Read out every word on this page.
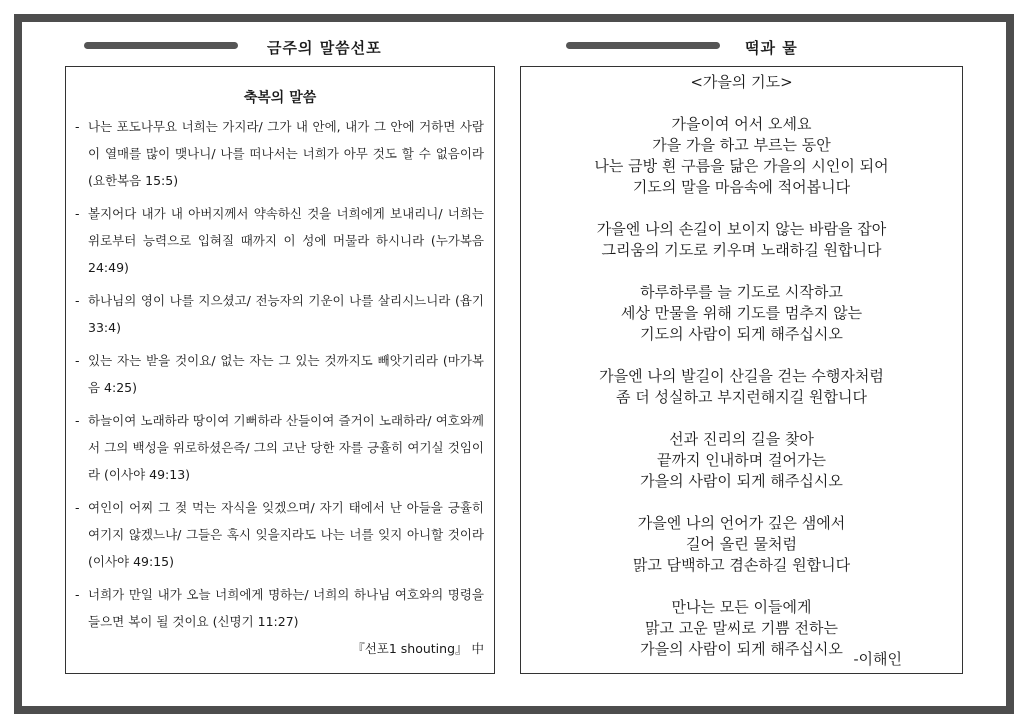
금주의 말씀선포	떡과 물
축복의 말씀
- 나는 포도나무요 너희는 가지라/ 그가 내 안에, 내가 그 안에 거하면 사람이 열매를 많이 맺나니/ 나를 떠나서는 너희가 아무 것도 할 수 없음이라 (요한복음 15:5)
- 볼지어다 내가 내 아버지께서 약속하신 것을 너희에게 보내리니/ 너희는 위로부터 능력으로 입혀질 때까지 이 성에 머물라 하시니라 (누가복음 24:49)
- 하나님의 영이 나를 지으셨고/ 전능자의 기운이 나를 살리시느니라 (욥기 33:4)
- 있는 자는 받을 것이요/ 없는 자는 그 있는 것까지도 빼앗기리라 (마가복음 4:25)
- 하늘이여 노래하라 땅이여 기뻐하라 산들이여 즐거이 노래하라/ 여호와께서 그의 백성을 위로하셨은즉/ 그의 고난 당한 자를 긍휼히 여기실 것임이라 (이사야 49:13)
- 여인이 어찌 그 젖 먹는 자식을 잊겠으며/ 자기 태에서 난 아들을 긍휼히 여기지 않겠느냐/ 그들은 혹시 잊을지라도 나는 너를 잊지 아니할 것이라 (이사야 49:15)
- 너희가 만일 내가 오늘 너희에게 명하는/ 너희의 하나님 여호와의 명령을 들으면 복이 될 것이요 (신명기 11:27)
『선포1 shouting』 中
<가을의 기도>
가을이여 어서 오세요
가을 가을 하고 부르는 동안
나는 금방 흰 구름을 닮은 가을의 시인이 되어
기도의 말을 마음속에 적어봅니다
가을엔 나의 손길이 보이지 않는 바람을 잡아
그리움의 기도로 키우며 노래하길 원합니다
하루하루를 늘 기도로 시작하고
세상 만물을 위해 기도를 멈추지 않는
기도의 사람이 되게 해주십시오
가을엔 나의 발길이 산길을 걷는 수행자처럼
좀 더 성실하고 부지런해지길 원합니다
선과 진리의 길을 찾아
끝까지 인내하며 걸어가는
가을의 사람이 되게 해주십시오
가을엔 나의 언어가 깊은 샘에서
길어 올린 물처럼
맑고 담백하고 겸손하길 원합니다
만나는 모든 이들에게
맑고 고운 말씨로 기쁨 전하는
가을의 사람이 되게 해주십시오
-이해인
